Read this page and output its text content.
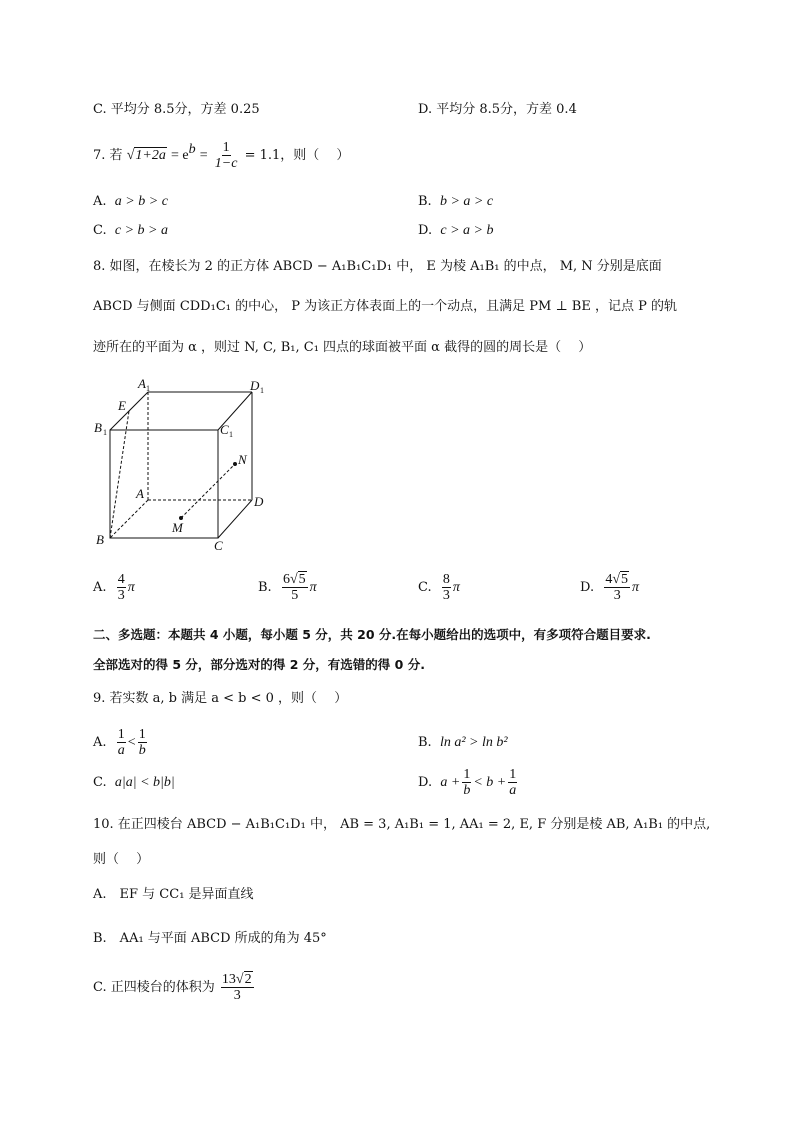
C. 平均分 8.5分，方差 0.25	D. 平均分 8.5分，方差 0.4
7. 若 $√1+2a = e^b = \frac{1}{1-c} = 1.1$，则（　 ）
A. a > b > c	B. b > a > c
C. c > b > a	D. c > a > b
8. 如图，在棱长为 2 的正方体 ABCD − A₁B₁C₁D₁ 中， E 为棱 A₁B₁ 的中点， M, N 分别是底面
ABCD 与侧面 CDD₁C₁ 的中心， P 为该正方体表面上的一个动点，且满足 PM ⊥ BE ，记点 P 的轨
迹所在的平面为 α ，则过 N, C, B₁, C₁ 四点的球面被平面 α 截得的圆的周长是（　 ）
A 1	D 1
E
B 1	C 1
N
A
D
M
B	C
A. $\frac{4}{3}$ π	B. $\frac{6√5}{5}$ π	C. $\frac{8}{3}$ π	D. $\frac{4√5}{3}$ π
二、多选题：本题共 4 小题，每小题 5 分，共 20 分.在每小题给出的选项中，有多项符合题目要求.
全部选对的得 5 分，部分选对的得 2 分，有选错的得 0 分.
9. 若实数 a, b 满足 a < b < 0 ，则（　 ）
A. $\frac{1}{a} < \frac{1}{b}$	B. ln a² > ln b²
C. a|a| < b|b|	D. $a + \frac{1}{b} < b + \frac{1}{a}$
10. 在正四棱台 ABCD − A₁B₁C₁D₁ 中， AB = 3, A₁B₁ = 1, AA₁ = 2, E, F 分别是棱 AB, A₁B₁ 的中点,
则（　 ）
A.　EF 与 CC₁ 是异面直线
B.　AA₁ 与平面 ABCD 所成的角为 45°
C. 正四棱台的体积为 $\frac{13√2}{3}$
